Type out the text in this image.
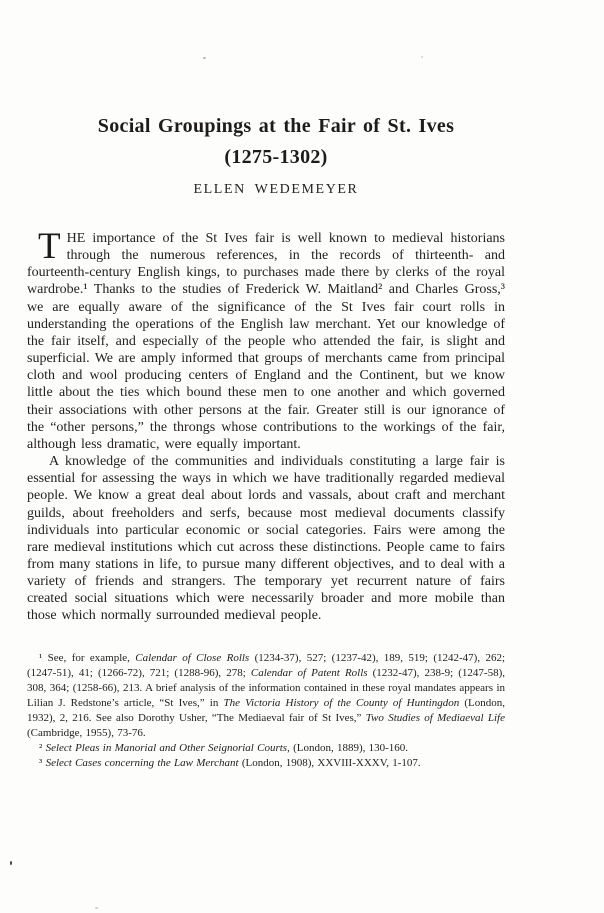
Social Groupings at the Fair of St. Ives
(1275-1302)
ELLEN WEDEMEYER

THE importance of the St Ives fair is well known to medieval historians through the numerous references, in the records of thirteenth- and fourteenth-century English kings, to purchases made there by clerks of the royal wardrobe.¹ Thanks to the studies of Frederick W. Maitland² and Charles Gross,³ we are equally aware of the significance of the St Ives fair court rolls in understanding the operations of the English law merchant. Yet our knowledge of the fair itself, and especially of the people who attended the fair, is slight and superficial. We are amply informed that groups of merchants came from principal cloth and wool producing centers of England and the Continent, but we know little about the ties which bound these men to one another and which governed their associations with other persons at the fair. Greater still is our ignorance of the “other persons,” the throngs whose contributions to the workings of the fair, although less dramatic, were equally important.

A knowledge of the communities and individuals constituting a large fair is essential for assessing the ways in which we have traditionally regarded medieval people. We know a great deal about lords and vassals, about craft and merchant guilds, about freeholders and serfs, because most medieval documents classify individuals into particular economic or social categories. Fairs were among the rare medieval institutions which cut across these distinctions. People came to fairs from many stations in life, to pursue many different objectives, and to deal with a variety of friends and strangers. The temporary yet recurrent nature of fairs created social situations which were necessarily broader and more mobile than those which normally surrounded medieval people.

¹ See, for example, Calendar of Close Rolls (1234-37), 527; (1237-42), 189, 519; (1242-47), 262; (1247-51), 41; (1266-72), 721; (1288-96), 278; Calendar of Patent Rolls (1232-47), 238-9; (1247-58), 308, 364; (1258-66), 213. A brief analysis of the information contained in these royal mandates appears in Lilian J. Redstone’s article, “St Ives,” in The Victoria History of the County of Huntingdon (London, 1932), 2, 216. See also Dorothy Usher, “The Mediaeval fair of St Ives,” Two Studies of Mediaeval Life (Cambridge, 1955), 73-76.

² Select Pleas in Manorial and Other Seignorial Courts, (London, 1889), 130-160.

³ Select Cases concerning the Law Merchant (London, 1908), XXVIII-XXXV, 1-107.
